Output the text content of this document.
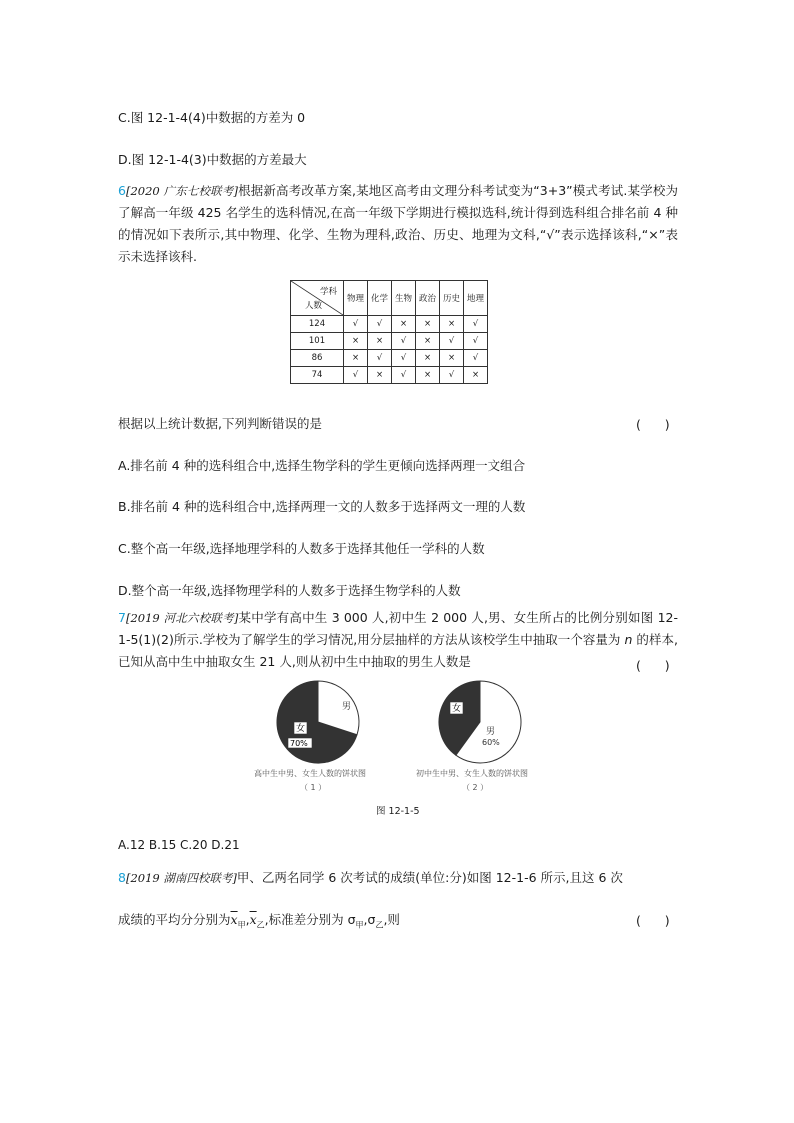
C.图 12-1-4(4)中数据的方差为 0
D.图 12-1-4(3)中数据的方差最大
6[2020 广东七校联考]根据新高考改革方案,某地区高考由文理分科考试变为“3+3”模式考试.某学校为了解高一年级 425 名学生的选科情况,在高一年级下学期进行模拟选科,统计得到选科组合排名前 4 种的情况如下表所示,其中物理、化学、生物为理科,政治、历史、地理为文科,“√”表示选择该科,“×”表示未选择该科.
学科
人数	物理	化学	生物	政治	历史	地理
124	√	√	×	×	×	√
101	×	×	√	×	√	√
86	×	√	√	×	×	√
74	√	×	√	×	√	×
根据以上统计数据,下列判断错误的是	(      )
A.排名前 4 种的选科组合中,选择生物学科的学生更倾向选择两理一文组合
B.排名前 4 种的选科组合中,选择两理一文的人数多于选择两文一理的人数
C.整个高一年级,选择地理学科的人数多于选择其他任一学科的人数
D.整个高一年级,选择物理学科的人数多于选择生物学科的人数
7[2019 河北六校联考]某中学有高中生 3 000 人,初中生 2 000 人,男、女生所占的比例分别如图 12-1-5(1)(2)所示.学校为了解学生的学习情况,用分层抽样的方法从该校学生中抽取一个容量为 n 的样本,已知从高中生中抽取女生 21 人,则从初中生中抽取的男生人数是	(      )
男
女
70%
高中生中男、女生人数的饼状图
（ 1 ）
女
男
60%
初中生中男、女生人数的饼状图
（ 2 ）
图 12-1-5
A.12 B.15 C.20 D.21
8[2019 湖南四校联考]甲、乙两名同学 6 次考试的成绩(单位:分)如图 12-1-6 所示,且这 6 次
成绩的平均分分别为$\overline{x}_甲,\overline{x}_乙$,标准差分别为 $\sigma_甲,\sigma_乙$,则	(      )
